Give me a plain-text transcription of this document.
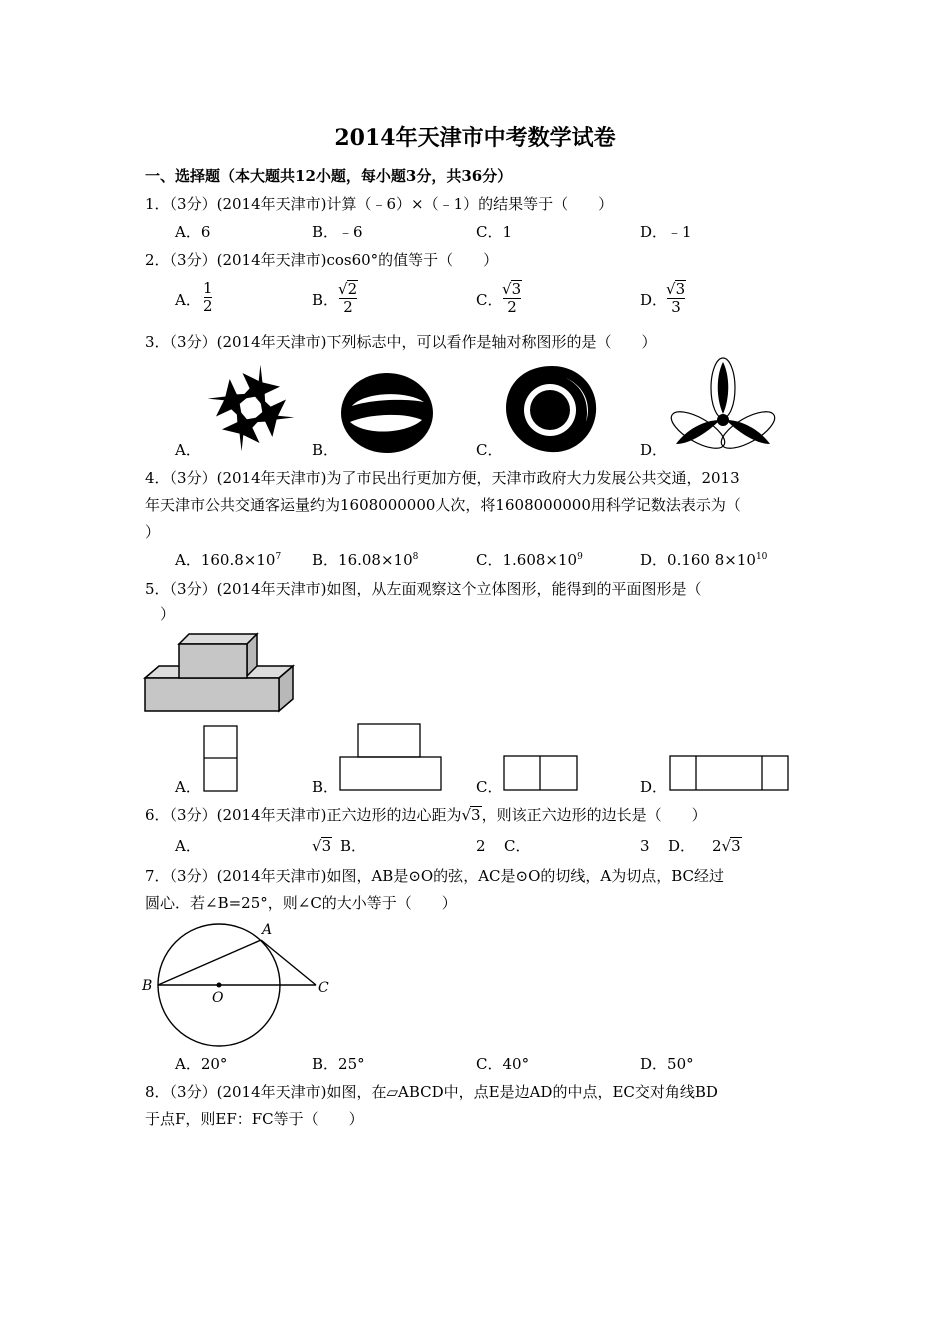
2014年天津市中考数学试卷
一、选择题（本大题共12小题，每小题3分，共36分）
1．（3分）(2014年天津市)计算（﹣6）×（﹣1）的结果等于（　　）
A．6	B．﹣6	C．1	D．﹣1
2．（3分）(2014年天津市)cos60°的值等于（　　）
A．
1
2	B．
√2
2	C．
√3
2	D．
√3
3
3．（3分）(2014年天津市)下列标志中，可以看作是轴对称图形的是（　　）
A．	B．	C．	D．
4．（3分）(2014年天津市)为了市民出行更加方便，天津市政府大力发展公共交通，2013
年天津市公共交通客运量约为1608000000人次，将1608000000用科学记数法表示为（
）
A．$160.8\times 10^7$ B．$16.08\times 10^8$	C．$1.608\times 10^9$	D．0.160 $8\times 10^{10}$
5．（3分）(2014年天津市)如图，从左面观察这个立体图形，能得到的平面图形是（
）
A．	B．	C．	D．
6．（3分）(2014年天津市)正六边形的边心距为√3，则该正六边形的边长是（　　）
A．	√3 B．	2 C．	3 D． 2√3
7．（3分）(2014年天津市)如图，AB是⊙O的弦，AC是⊙O的切线，A为切点，BC经过
圆心．若∠B=25°，则∠C的大小等于（　　）
A
B	C
O
A．20°	B．25°	C．40°	D．50°
8．（3分）(2014年天津市)如图，在▱ABCD中，点E是边AD的中点，EC交对角线BD
于点F，则EF：FC等于（　　）
